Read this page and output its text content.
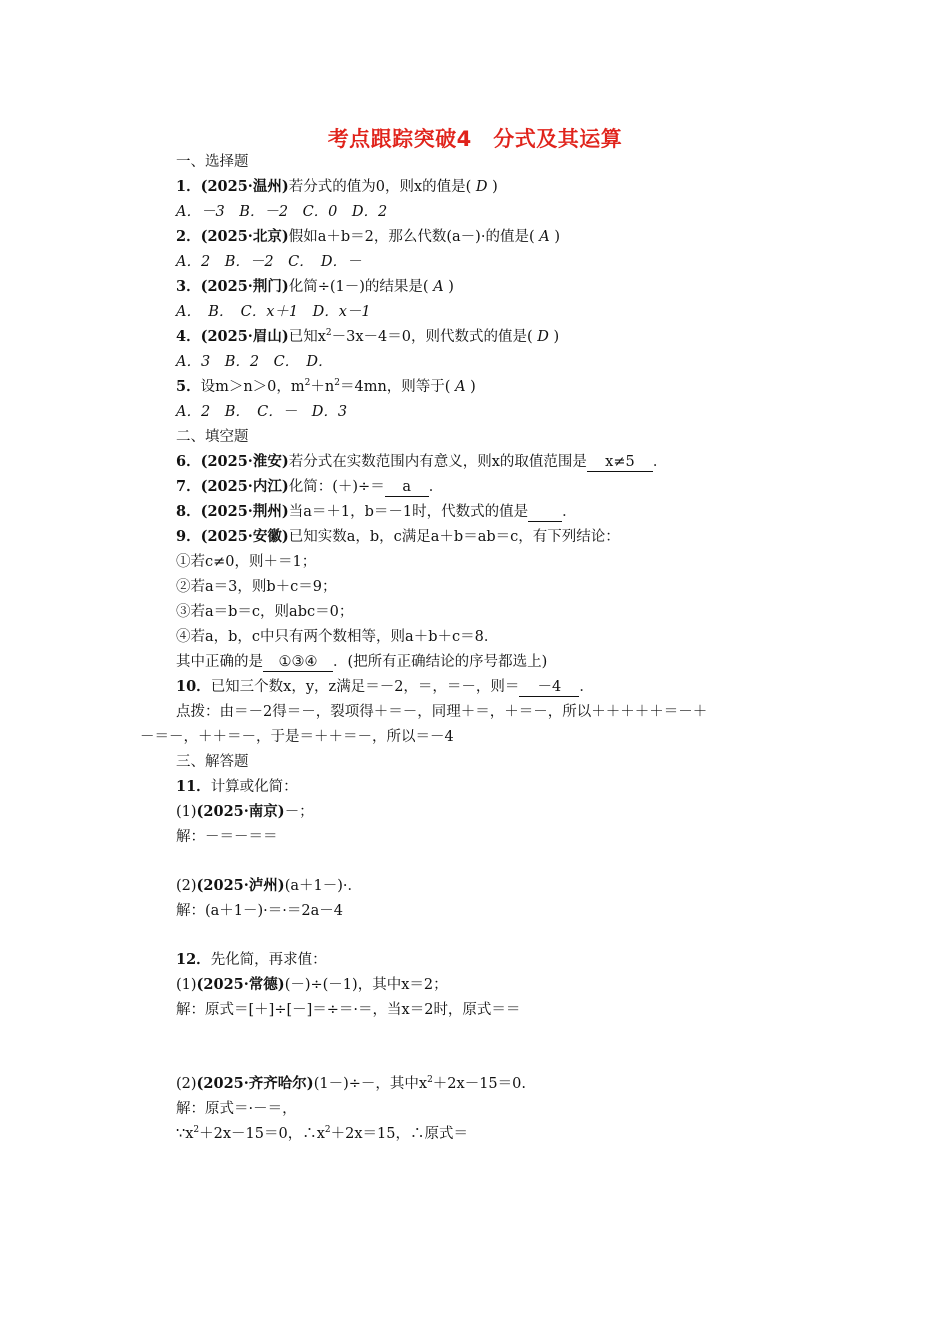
考点跟踪突破4　分式及其运算
一、选择题
1．(2025·温州)若分式的值为0，则x的值是( D )
A．－3　B．－2　C．0　D．2
2．(2025·北京)假如a＋b＝2，那么代数(a－)·的值是( A )
A．2　B．－2　C．　D．－
3．(2025·荆门)化简÷(1－)的结果是( A )
A．　B．　C．x＋1　D．x－1
4．(2025·眉山)已知$x^2-3x-4=0$，则代数式的值是( D )
A．3　B．2　C．　D．
5．设m＞n＞0，$m^2+n^2=4mn$，则等于( A )
A．2　B．　C．－　D．3
二、填空题
6．(2025·淮安)若分式在实数范围内有意义，则x的取值范围是 x≠5 ．
7．(2025·内江)化简：(＋)÷＝ a ．
8．(2025·荆州)当a＝＋1，b＝－1时，代数式的值是 ．
9．(2025·安徽)已知实数a，b，c满足a＋b＝ab＝c，有下列结论：
①若c≠0，则＋＝1；
②若a＝3，则b＋c＝9；
③若a＝b＝c，则abc＝0；
④若a，b，c中只有两个数相等，则a＋b＋c＝8．
其中正确的是 ①③④ ．(把所有正确结论的序号都选上)
10．已知三个数x，y，z满足＝－2，＝，＝－，则＝ －4 ．
点拨：由＝－2得＝－，裂项得＋＝－，同理＋＝，＋＝－，所以＋＋＋＋＋＝－＋
－＝－，＋＋＝－，于是＝＋＋＝－，所以＝－4
三、解答题
11．计算或化简：
(1)(2025·南京)－；
解：－＝－＝＝
(2)(2025·泸州)(a＋1－)·．
解：(a＋1－)·＝·＝2a－4
12．先化简，再求值：
(1)(2025·常德)(－)÷(－1)，其中x＝2；
解：原式＝[＋]÷[－]＝÷＝·＝，当x＝2时，原式＝＝
(2)(2025·齐齐哈尔)(1－)÷－，其中$x^2+2x-15=0$.
解：原式＝·－＝，
$\because x^2+2x-15=0$，$\therefore x^2+2x=15$，∴原式＝
